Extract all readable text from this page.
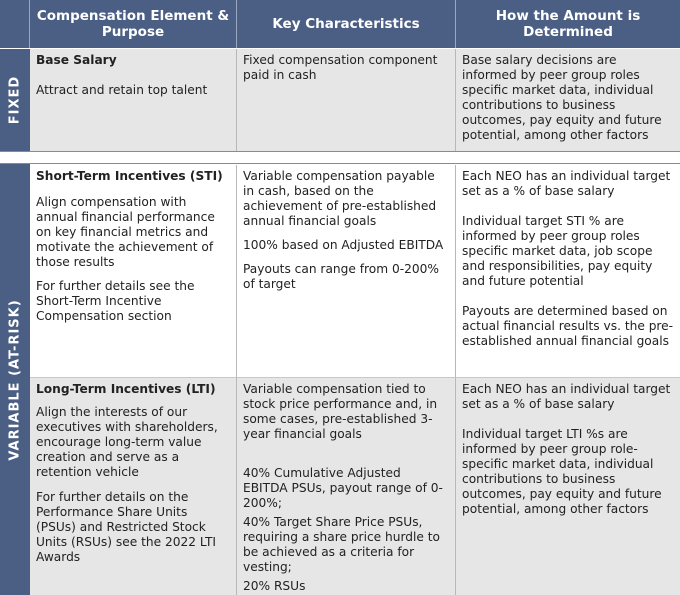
Compensation Element & Purpose	Key Characteristics	How the Amount is Determined
FIXED

Base Salary

Attract and retain top talent

Fixed compensation component paid in cash

Base salary decisions are informed by peer group roles specific market data, individual contributions to business outcomes, pay equity and future potential, among other factors

VARIABLE (AT-RISK)

Short-Term Incentives (STI)

Align compensation with annual financial performance on key financial metrics and motivate the achievement of those results

For further details see the Short-Term Incentive Compensation section

Variable compensation payable in cash, based on the achievement of pre-established annual financial goals

100% based on Adjusted EBITDA

Payouts can range from 0-200% of target

Each NEO has an individual target set as a % of base salary

Individual target STI % are informed by peer group roles specific market data, job scope and responsibilities, pay equity and future potential

Payouts are determined based on actual financial results vs. the pre-established annual financial goals

Long-Term Incentives (LTI)

Align the interests of our executives with shareholders, encourage long-term value creation and serve as a retention vehicle

For further details on the Performance Share Units (PSUs) and Restricted Stock Units (RSUs) see the 2022 LTI Awards

Variable compensation tied to stock price performance and, in some cases, pre-established 3-year financial goals

40% Cumulative Adjusted EBITDA PSUs, payout range of 0-200%;

40% Target Share Price PSUs, requiring a share price hurdle to be achieved as a criteria for vesting;

20% RSUs

Each NEO has an individual target set as a % of base salary

Individual target LTI %s are informed by peer group role-specific market data, individual contributions to business outcomes, pay equity and future potential, among other factors
